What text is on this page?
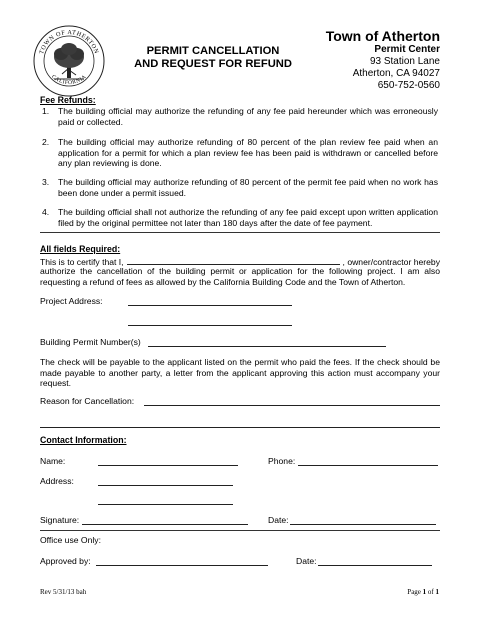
TOWN OF ATHERTON
CALIFORNIA
PERMIT CANCELLATION
AND REQUEST FOR REFUND
Town of Atherton
Permit Center
93 Station Lane
Atherton, CA 94027
650-752-0560
Fee Refunds:
1.	The building official may authorize the refunding of any fee paid hereunder which was erroneously paid or collected.
2.	The building official may authorize refunding of 80 percent of the plan review fee paid when an application for a permit for which a plan review fee has been paid is withdrawn or cancelled before any plan reviewing is done.
3.	The building official may authorize refunding of 80 percent of the permit fee paid when no work has been done under a permit issued.
4.	The building official shall not authorize the refunding of any fee paid except upon written application filed by the original permittee not later than 180 days after the date of fee payment.
All fields Required:
This is to certify that I,	, owner/contractor hereby
authorize the cancellation of the building permit or application for the following project. I am also requesting a refund of fees as allowed by the California Building Code and the Town of Atherton.
Project Address:
Building Permit Number(s)
The check will be payable to the applicant listed on the permit who paid the fees. If the check should be made payable to another party, a letter from the applicant approving this action must accompany your request.
Reason for Cancellation:
Contact Information:
Name:	Phone:
Address:
Signature:	Date:
Office use Only:
Approved by:	Date:
Rev 5/31/13 bah	Page 1 of 1
